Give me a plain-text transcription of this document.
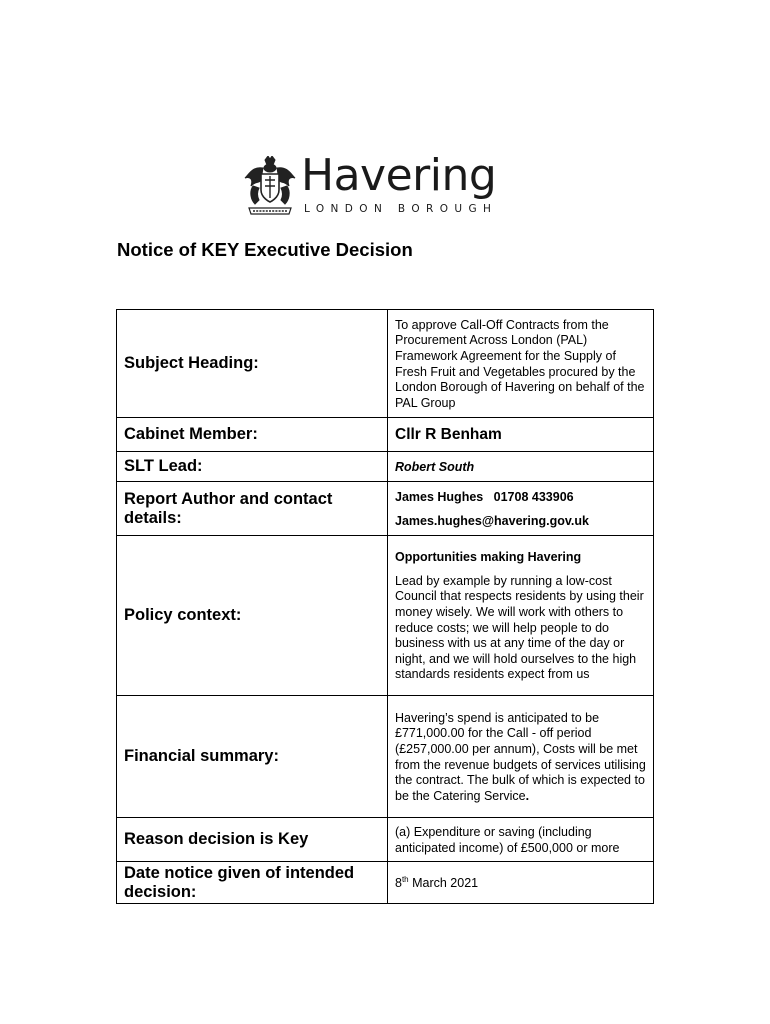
Havering
LONDON BOROUGH
Notice of KEY Executive Decision
Subject Heading:	To approve Call-Off Contracts from the Procurement Across London (PAL) Framework Agreement for the Supply of Fresh Fruit and Vegetables procured by the London Borough of Havering on behalf of the PAL Group
Cabinet Member:	Cllr R Benham
SLT Lead:	Robert South
Report Author and contact details:	James Hughes   01708 433906
James.hughes@havering.gov.uk

Policy context:	Opportunities making Havering

Lead by example by running a low-cost Council that respects residents by using their money wisely. We will work with others to reduce costs; we will help people to do business with us at any time of the day or night, and we will hold ourselves to the high standards residents expect from us

Financial summary:	Havering’s spend is anticipated to be £771,000.00 for the Call - off period (£257,000.00 per annum), Costs will be met from the revenue budgets of services utilising the contract. The bulk of which is expected to be the Catering Service.
Reason decision is Key	(a) Expenditure or saving (including anticipated income) of £500,000 or more
Date notice given of intended decision:	8th March 2021
